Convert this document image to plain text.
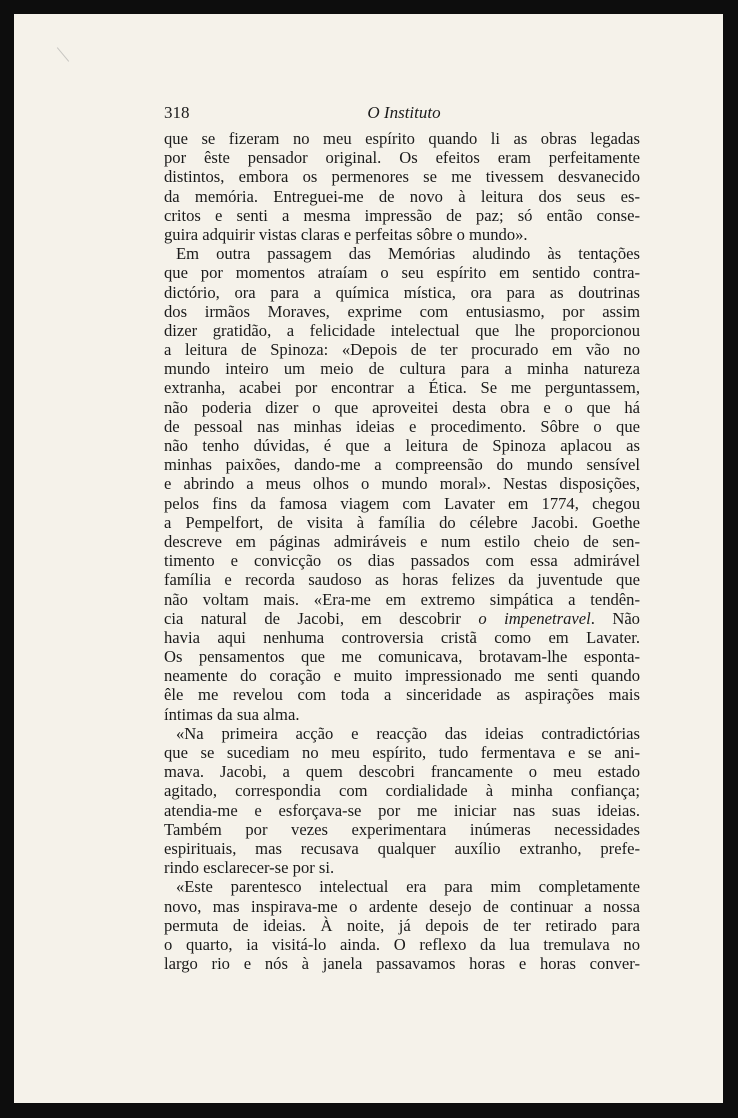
318	O Instituto
que se fizeram no meu espírito quando li as obras legadas
por êste pensador original. Os efeitos eram perfeitamente
distintos, embora os permenores se me tivessem desvanecido
da memória. Entreguei-me de novo à leitura dos seus es-
critos e senti a mesma impressão de paz; só então conse-
guira adquirir vistas claras e perfeitas sôbre o mundo».
Em outra passagem das Memórias aludindo às tentações
que por momentos atraíam o seu espírito em sentido contra-
dictório, ora para a química mística, ora para as doutrinas
dos irmãos Moraves, exprime com entusiasmo, por assim
dizer gratidão, a felicidade intelectual que lhe proporcionou
a leitura de Spinoza: «Depois de ter procurado em vão no
mundo inteiro um meio de cultura para a minha natureza
extranha, acabei por encontrar a Ética. Se me perguntassem,
não poderia dizer o que aproveitei desta obra e o que há
de pessoal nas minhas ideias e procedimento. Sôbre o que
não tenho dúvidas, é que a leitura de Spinoza aplacou as
minhas paixões, dando-me a compreensão do mundo sensível
e abrindo a meus olhos o mundo moral». Nestas disposições,
pelos fins da famosa viagem com Lavater em 1774, chegou
a Pempelfort, de visita à família do célebre Jacobi. Goethe
descreve em páginas admiráveis e num estilo cheio de sen-
timento e convicção os dias passados com essa admirável
família e recorda saudoso as horas felizes da juventude que
não voltam mais. «Era-me em extremo simpática a tendên-
cia natural de Jacobi, em descobrir o impenetravel. Não
havia aqui nenhuma controversia cristã como em Lavater.
Os pensamentos que me comunicava, brotavam-lhe esponta-
neamente do coração e muito impressionado me senti quando
êle me revelou com toda a sinceridade as aspirações mais
íntimas da sua alma.
«Na primeira acção e reacção das ideias contradictórias
que se sucediam no meu espírito, tudo fermentava e se ani-
mava. Jacobi, a quem descobri francamente o meu estado
agitado, correspondia com cordialidade à minha confiança;
atendia-me e esforçava-se por me iniciar nas suas ideias.
Também por vezes experimentara inúmeras necessidades
espirituais, mas recusava qualquer auxílio extranho, prefe-
rindo esclarecer-se por si.
«Este parentesco intelectual era para mim completamente
novo, mas inspirava-me o ardente desejo de continuar a nossa
permuta de ideias. À noite, já depois de ter retirado para
o quarto, ia visitá-lo ainda. O reflexo da lua tremulava no
largo rio e nós à janela passavamos horas e horas conver-
